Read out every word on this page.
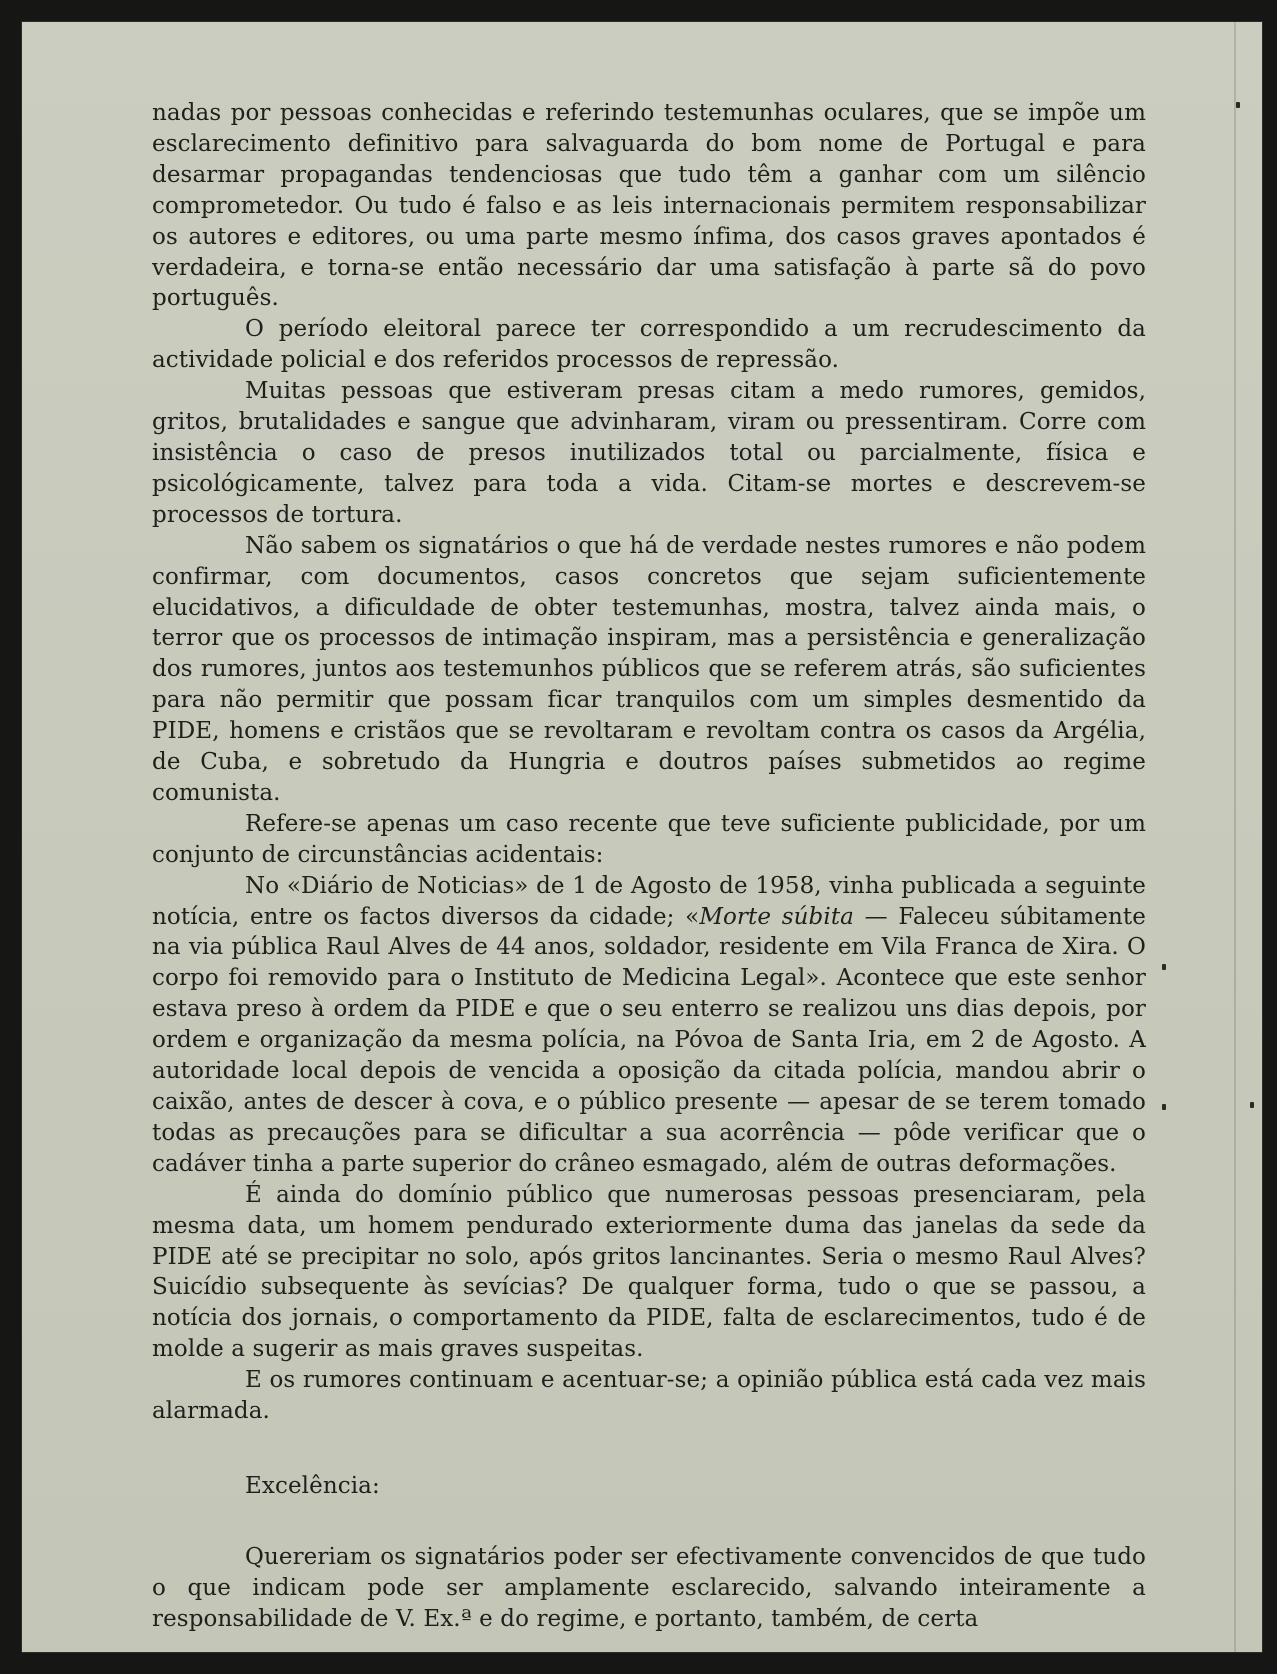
nadas por pessoas conhecidas e referindo testemunhas oculares, que se impõe um esclarecimento definitivo para salvaguarda do bom nome de Portugal e para desarmar propagandas tendenciosas que tudo têm a ganhar com um silêncio comprometedor. Ou tudo é falso e as leis internacionais permitem responsabilizar os autores e editores, ou uma parte mesmo ínfima, dos casos graves apontados é verdadeira, e torna-se então necessário dar uma satisfação à parte sã do povo português.

O período eleitoral parece ter correspondido a um recrudescimento da actividade policial e dos referidos processos de repressão.

Muitas pessoas que estiveram presas citam a medo rumores, gemidos, gritos, brutalidades e sangue que advinharam, viram ou pressentiram. Corre com insistência o caso de presos inutilizados total ou parcialmente, física e psicológicamente, talvez para toda a vida. Citam-se mortes e descrevem-se processos de tortura.

Não sabem os signatários o que há de verdade nestes rumores e não podem confirmar, com documentos, casos concretos que sejam suficientemente elucidativos, a dificuldade de obter testemunhas, mostra, talvez ainda mais, o terror que os processos de intimação inspiram, mas a persistência e generalização dos rumores, juntos aos testemunhos públicos que se referem atrás, são suficientes para não permitir que possam ficar tranquilos com um simples desmentido da PIDE, homens e cristãos que se revoltaram e revoltam contra os casos da Argélia, de Cuba, e sobretudo da Hungria e doutros países submetidos ao regime comunista.

Refere-se apenas um caso recente que teve suficiente publicidade, por um conjunto de circunstâncias acidentais:

No «Diário de Noticias» de 1 de Agosto de 1958, vinha publicada a seguinte notícia, entre os factos diversos da cidade; «Morte súbita — Faleceu súbitamente na via pública Raul Alves de 44 anos, soldador, residente em Vila Franca de Xira. O corpo foi removido para o Instituto de Medicina Legal». Acontece que este senhor estava preso à ordem da PIDE e que o seu enterro se realizou uns dias depois, por ordem e organização da mesma polícia, na Póvoa de Santa Iria, em 2 de Agosto. A autoridade local depois de vencida a oposição da citada polícia, mandou abrir o caixão, antes de descer à cova, e o público presente — apesar de se terem tomado todas as precauções para se dificultar a sua acorrência — pôde verificar que o cadáver tinha a parte superior do crâneo esmagado, além de outras deformações.

É ainda do domínio público que numerosas pessoas presenciaram, pela mesma data, um homem pendurado exteriormente duma das janelas da sede da PIDE até se precipitar no solo, após gritos lancinantes. Seria o mesmo Raul Alves? Suicídio subsequente às sevícias? De qualquer forma, tudo o que se passou, a notícia dos jornais, o comportamento da PIDE, falta de esclarecimentos, tudo é de molde a sugerir as mais graves suspeitas.

E os rumores continuam e acentuar-se; a opinião pública está cada vez mais alarmada.

Excelência:

Quereriam os signatários poder ser efectivamente convencidos de que tudo o que indicam pode ser amplamente esclarecido, salvando inteiramente a responsabilidade de V. Ex.ª e do regime, e portanto, também, de certa
